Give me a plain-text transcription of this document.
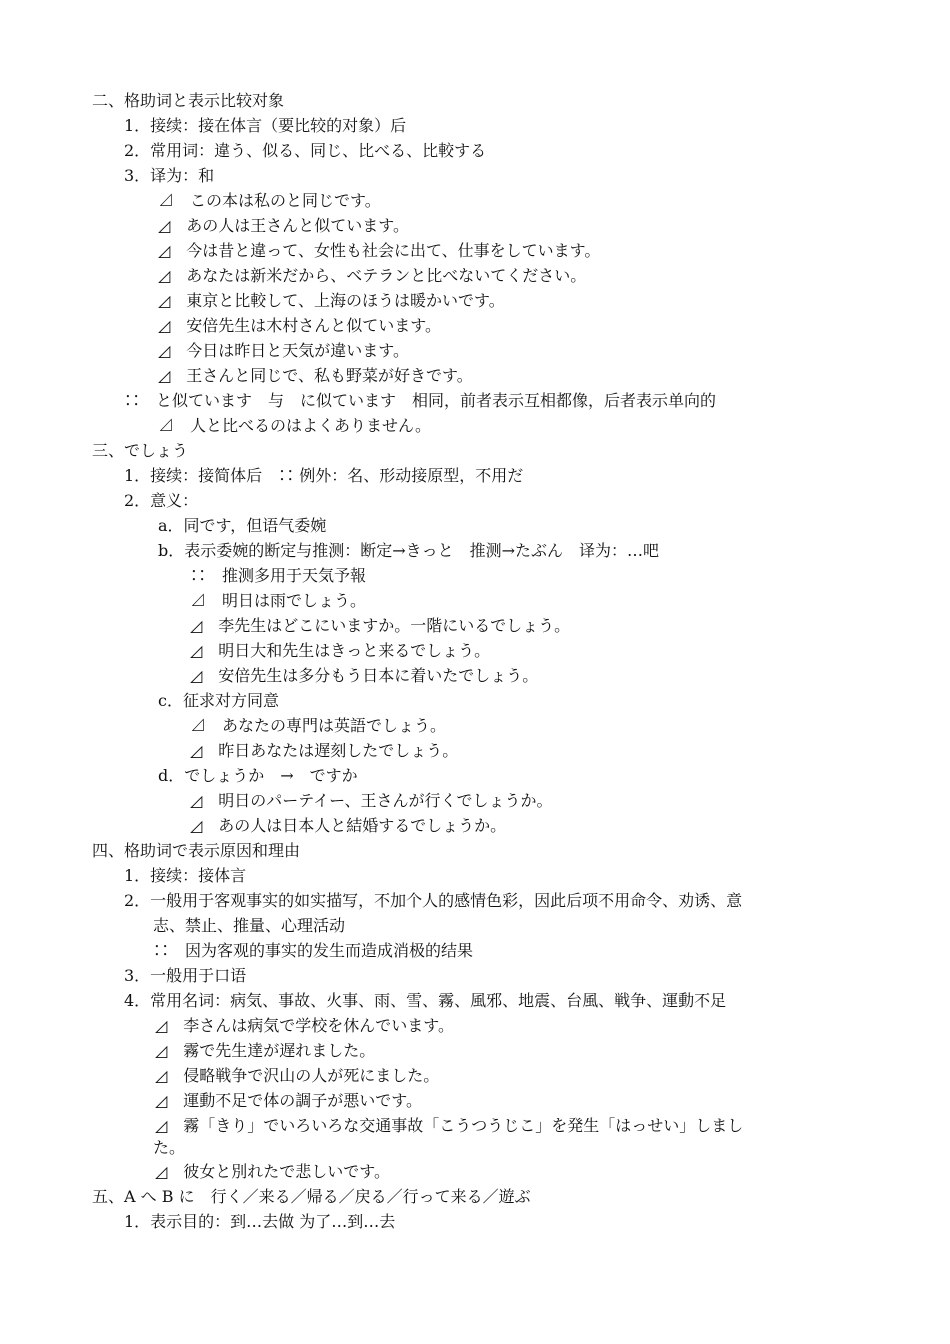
二、格助词と表示比较对象
1．接续：接在体言（要比较的对象）后
2．常用词：違う、似る、同じ、比べる、比較する
3．译为：和
⊿　この本は私のと同じです。
◿　あの人は王さんと似ています。
◿　今は昔と違って、女性も社会に出て、仕事をしています。
◿　あなたは新米だから、ベテランと比べないてください。
◿　東京と比較して、上海のほうは暖かいです。
◿　安倍先生は木村さんと似ています。
◿　今日は昨日と天気が違います。
◿　王さんと同じで、私も野菜が好きです。
∷　と似ています　与　に似ています　相同，前者表示互相都像，后者表示单向的
⊿　人と比べるのはよくありません。
三、でしょう
1．接续：接简体后　∷ 例外：名、形动接原型，不用だ
2．意义：
a．同です，但语气委婉
b．表示委婉的断定与推测：断定→きっと　推测→たぶん　译为：…吧
∷　推测多用于天気予報
⊿　明日は雨でしょう。
◿　李先生はどこにいますか。一階にいるでしょう。
◿　明日大和先生はきっと来るでしょう。
◿　安倍先生は多分もう日本に着いたでしょう。
c．征求对方同意
⊿　あなたの専門は英語でしょう。
◿　昨日あなたは遅刻したでしょう。
d．でしょうか　→　ですか
◿　明日のパーテイー、王さんが行くでしょうか。
◿　あの人は日本人と結婚するでしょうか。
四、格助词で表示原因和理由
1．接续：接体言
2．一般用于客观事实的如实描写，不加个人的感情色彩，因此后项不用命令、劝诱、意
志、禁止、推量、心理活动
∷　因为客观的事实的发生而造成消极的结果
3．一般用于口语
4．常用名词：病気、事故、火事、雨、雪、霧、風邪、地震、台風、戦争、運動不足
◿　李さんは病気で学校を休んでいます。
◿　霧で先生達が遅れました。
◿　侵略戦争で沢山の人が死にました。
◿　運動不足で体の調子が悪いです。
◿　霧「きり」でいろいろな交通事故「こうつうじこ」を発生「はっせい」しまし
た。
◿　彼女と別れたで悲しいです。
五、A へ B に　行く／来る／帰る／戻る／行って来る／遊ぶ
1．表示目的：到…去做 为了…到…去
